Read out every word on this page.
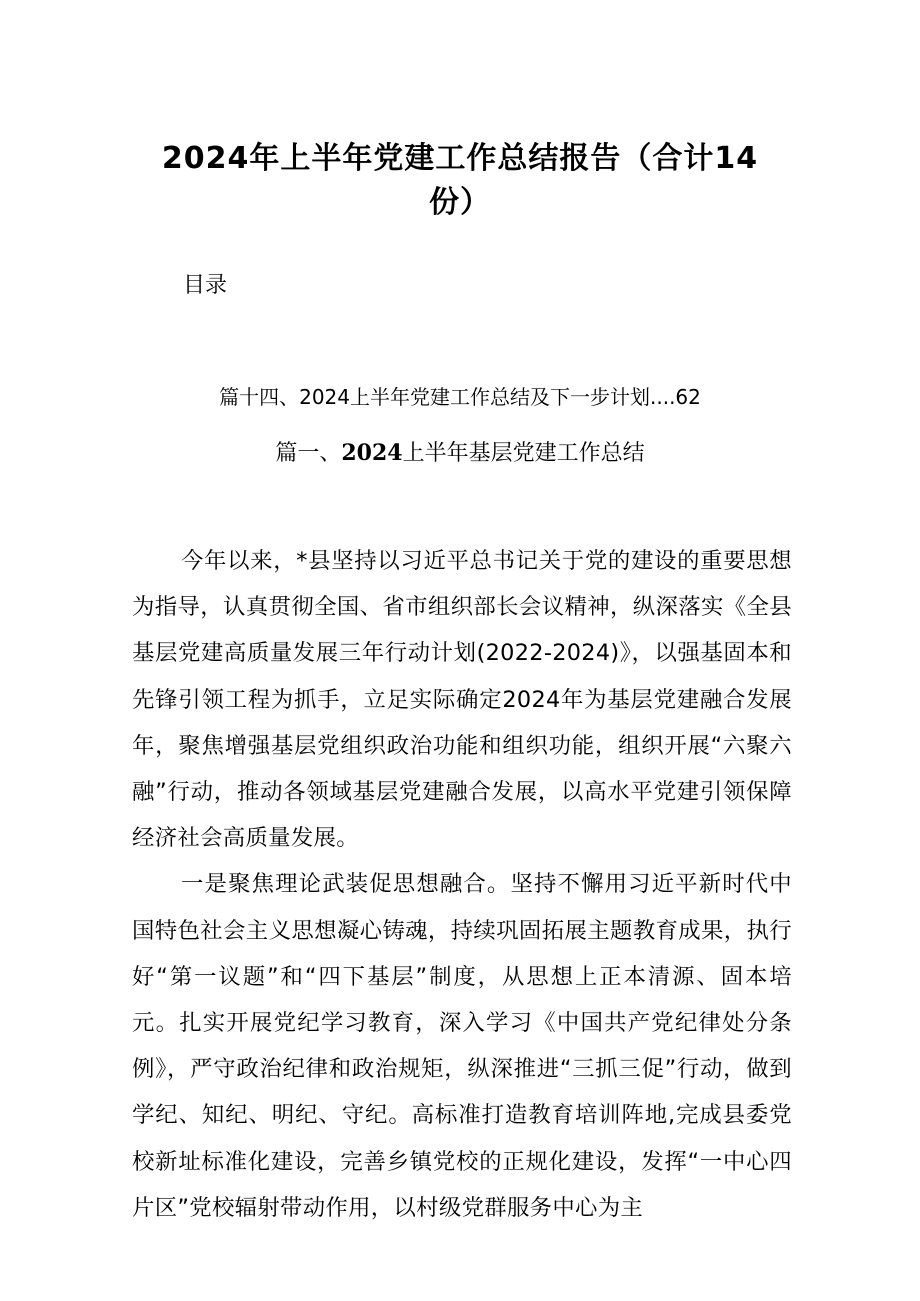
2024年上半年党建工作总结报告（合计14
份）
目录
篇十四、2024上半年党建工作总结及下一步计划....62
篇一、2024上半年基层党建工作总结

今年以来，*县坚持以习近平总书记关于党的建设的重要思想为指导，认真贯彻全国、省市组织部长会议精神，纵深落实《全县基层党建高质量发展三年行动计划(2022-2024)》，以强基固本和先锋引领工程为抓手，立足实际确定2024年为基层党建融合发展年，聚焦增强基层党组织政治功能和组织功能，组织开展“六聚六融”行动，推动各领域基层党建融合发展，以高水平党建引领保障经济社会高质量发展。

一是聚焦理论武装促思想融合。坚持不懈用习近平新时代中国特色社会主义思想凝心铸魂，持续巩固拓展主题教育成果，执行好“第一议题”和“四下基层”制度，从思想上正本清源、固本培元。扎实开展党纪学习教育，深入学习《中国共产党纪律处分条例》，严守政治纪律和政治规矩，纵深推进“三抓三促”行动，做到学纪、知纪、明纪、守纪。高标准打造教育培训阵地,完成县委党校新址标准化建设，完善乡镇党校的正规化建设，发挥“一中心四片区”党校辐射带动作用，以村级党群服务中心为主
